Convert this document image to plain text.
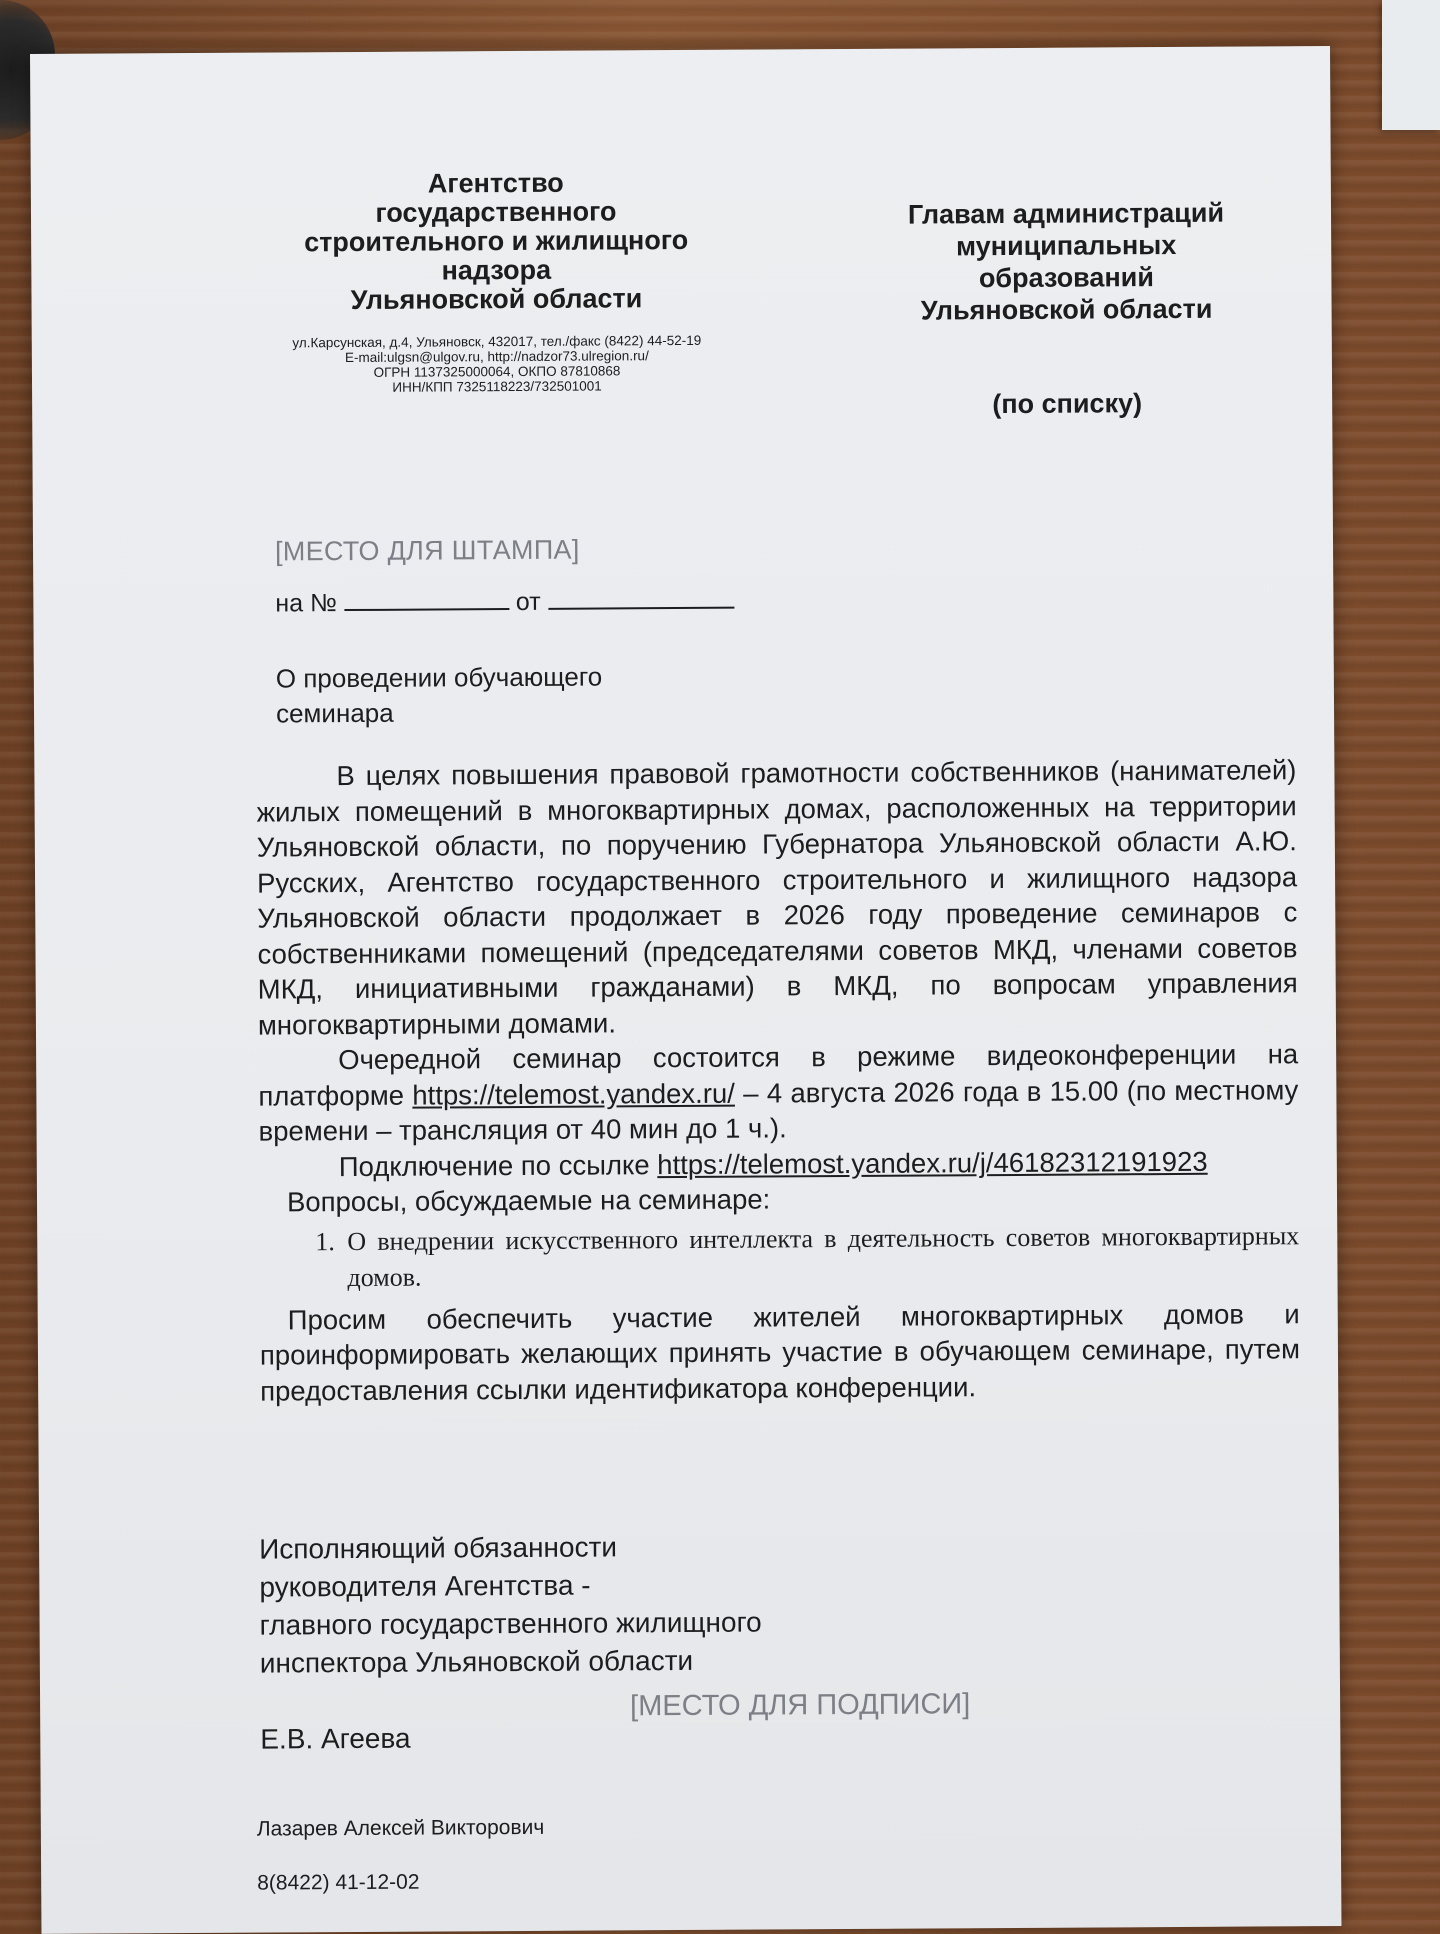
Агентство
государственного
строительного и жилищного
надзора
Ульяновской области
ул.Карсунская, д.4, Ульяновск, 432017, тел./факс (8422) 44-52-19
E-mail:ulgsn@ulgov.ru, http://nadzor73.ulregion.ru/
ОГРН 1137325000064, ОКПО 87810868
ИНН/КПП 7325118223/732501001

Главам администраций
муниципальных
образований
Ульяновской области

(по списку)

[МЕСТО ДЛЯ ШТАМПА]
на №	от
О проведении обучающего
семинара

В целях повышения правовой грамотности собственников (нанимателей) жилых помещений в многоквартирных домах, расположенных на территории Ульяновской области, по поручению Губернатора Ульяновской области А.Ю. Русских, Агентство государственного строительного и жилищного надзора Ульяновской области продолжает в 2026 году проведение семинаров с собственниками помещений (председателями советов МКД, членами советов МКД, инициативными гражданами) в МКД, по вопросам управления многоквартирными домами.

Очередной семинар состоится в режиме видеоконференции на платформе https://telemost.yandex.ru/ – 4 августа 2026 года в 15.00 (по местному времени – трансляция от 40 мин до 1 ч.).

Подключение по ссылке https://telemost.yandex.ru/j/46182312191923

Вопросы, обсуждаемые на семинаре:

1. О внедрении искусственного интеллекта в деятельность советов многоквартирных домов.

Просим обеспечить участие жителей многоквартирных домов и проинформировать желающих принять участие в обучающем семинаре, путем предоставления ссылки идентификатора конференции.

Исполняющий обязанности
руководителя Агентства -
главного государственного жилищного
инспектора Ульяновской области

Е.В. Агеева

[МЕСТО ДЛЯ ПОДПИСИ]

Лазарев Алексей Викторович

8(8422) 41-12-02
